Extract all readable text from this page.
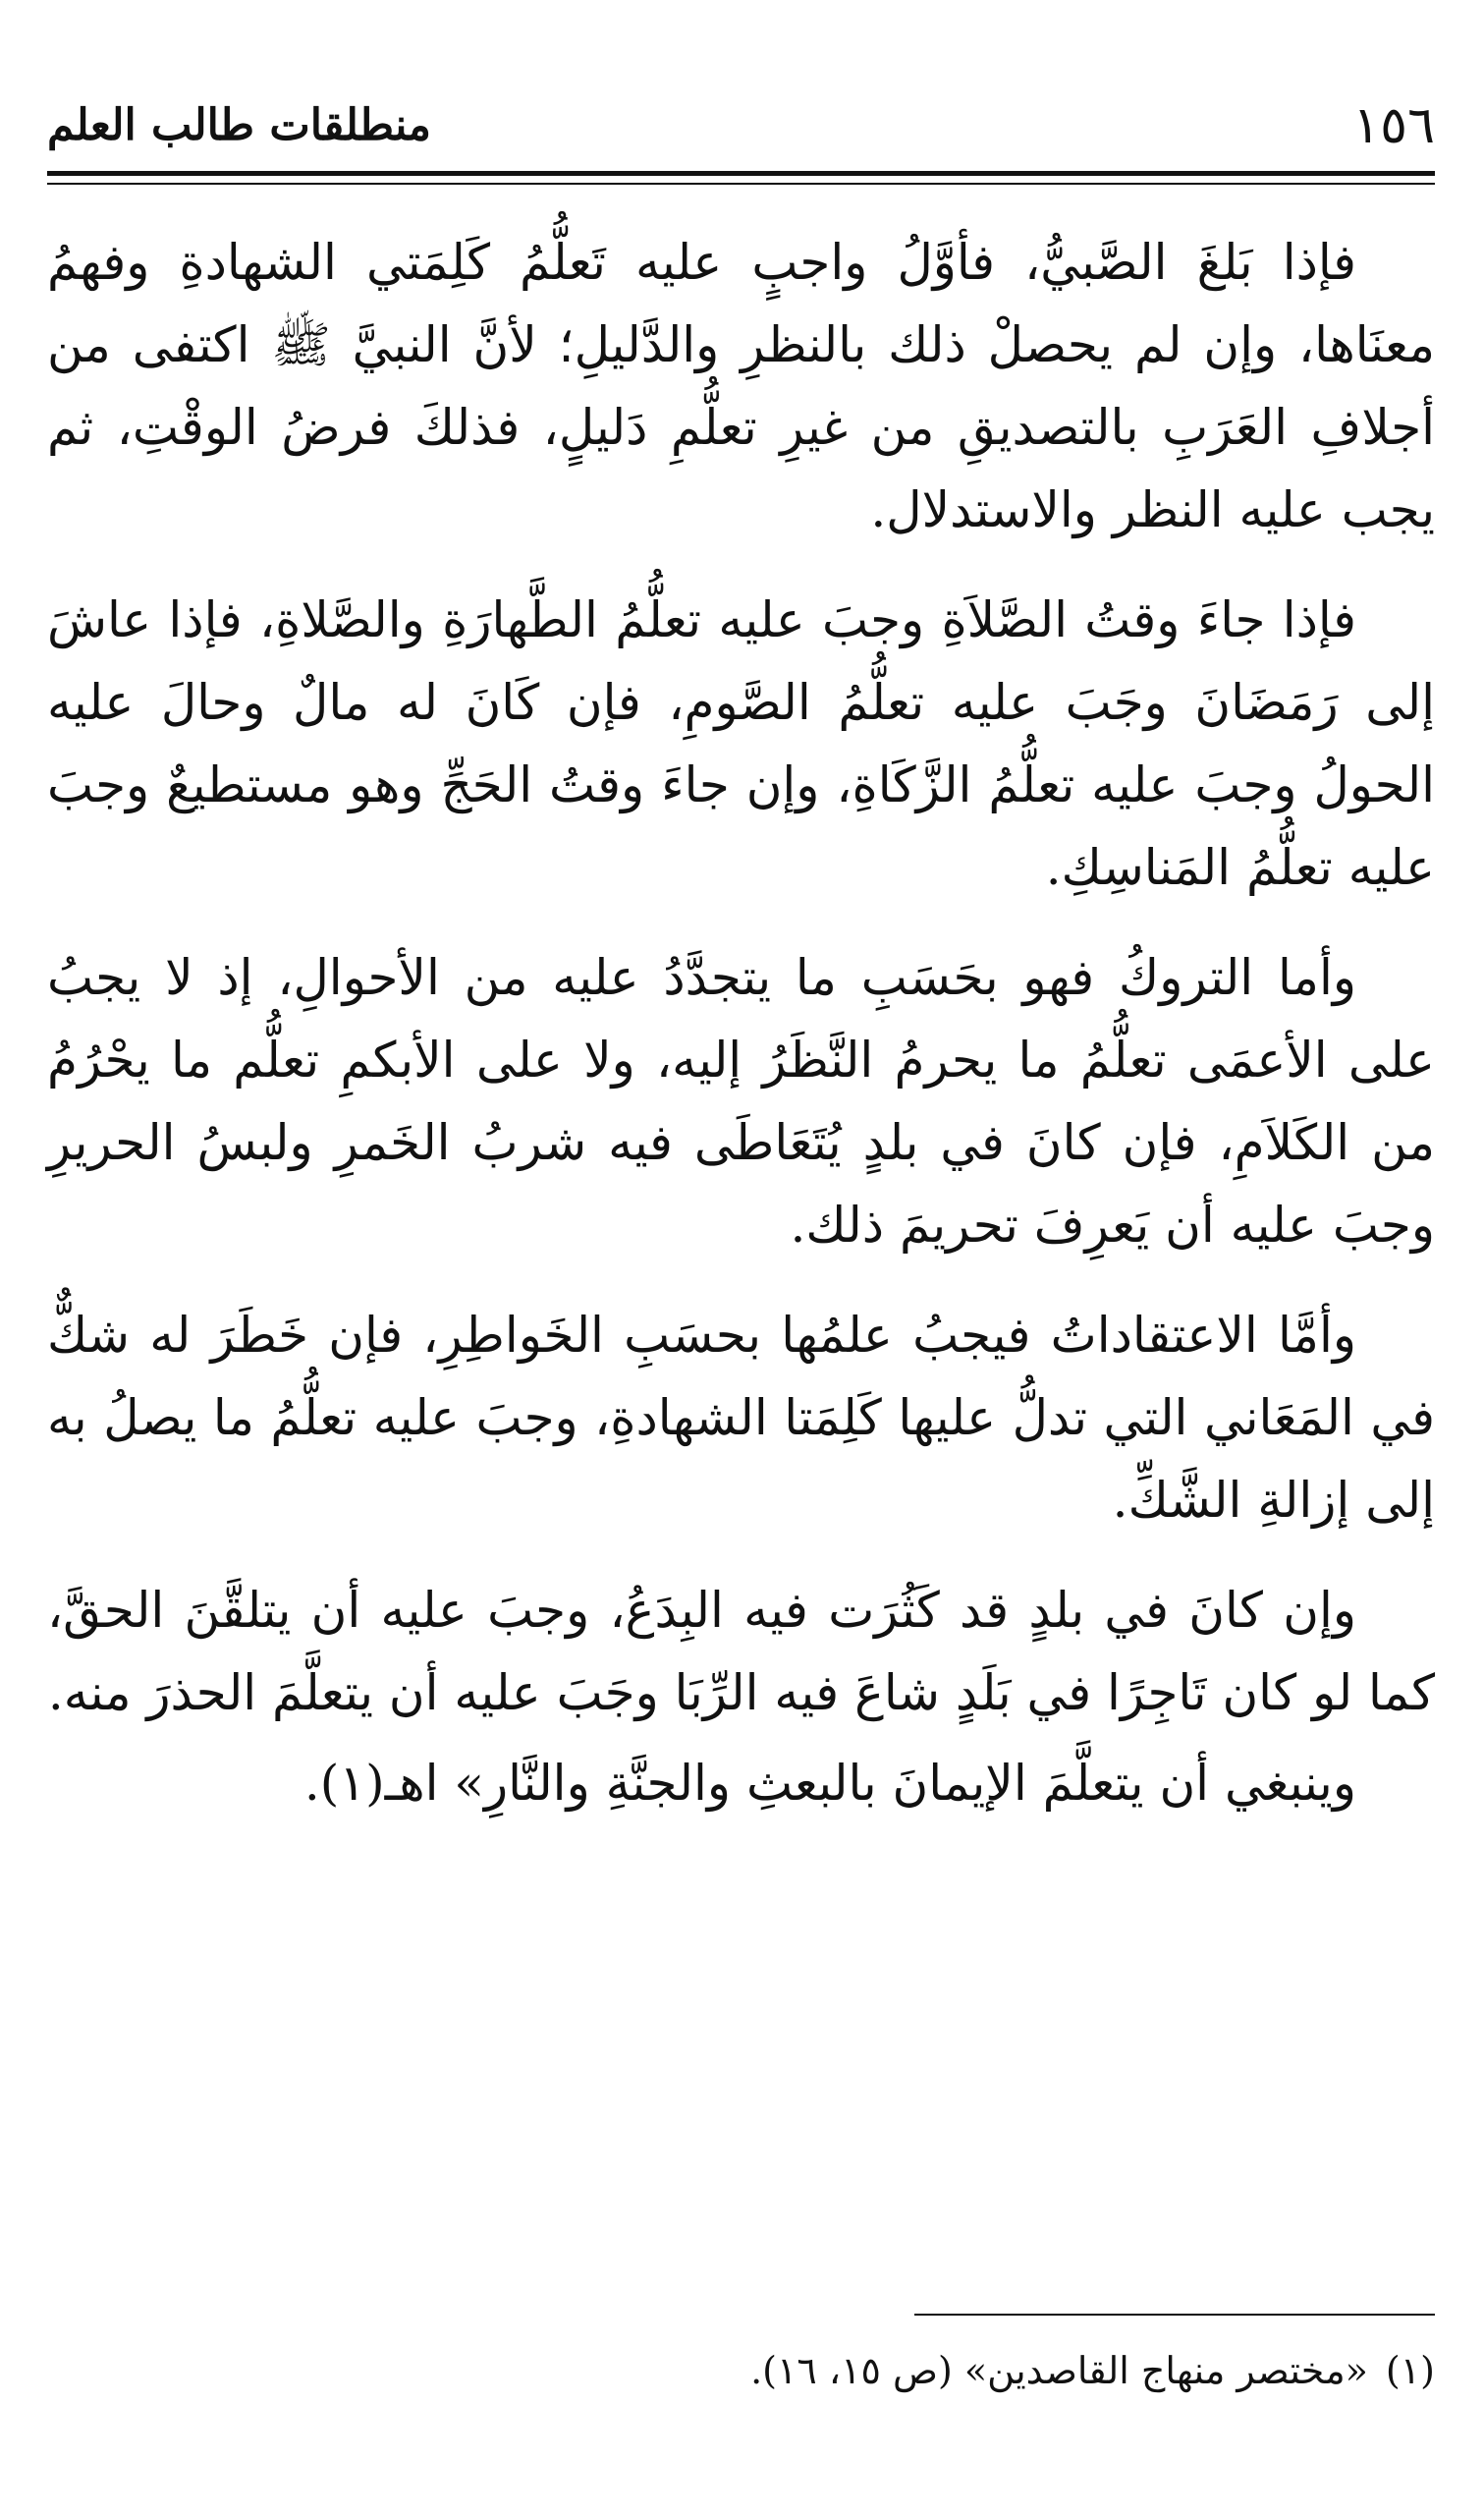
١٥٦
منطلقات طالب العلم

فإذا بَلغَ الصَّبيُّ، فأوَّلُ واجبٍ عليه تَعلُّمُ كَلِمَتي الشهادةِ وفهمُ معنَاها، وإن لم يحصلْ ذلك بالنظرِ والدَّليلِ؛ لأنَّ النبيَّ ﷺ اكتفى من أجلافِ العَرَبِ بالتصديقِ من غيرِ تعلُّمِ دَليلٍ، فذلكَ فرضُ الوقْتِ، ثم يجب عليه النظر والاستدلال.

فإذا جاءَ وقتُ الصَّلاَةِ وجبَ عليه تعلُّمُ الطَّهارَةِ والصَّلاةِ، فإذا عاشَ إلى رَمَضَانَ وجَبَ عليه تعلُّمُ الصَّومِ، فإن كَانَ له مالٌ وحالَ عليه الحولُ وجبَ عليه تعلُّمُ الزَّكَاةِ، وإن جاءَ وقتُ الحَجِّ وهو مستطيعٌ وجبَ عليه تعلُّمُ المَناسِكِ.

وأما التروكُ فهو بحَسَبِ ما يتجدَّدُ عليه من الأحوالِ، إذ لا يجبُ على الأعمَى تعلُّمُ ما يحرمُ النَّظَرُ إليه، ولا على الأبكمِ تعلُّم ما يحْرُمُ من الكَلاَمِ، فإن كانَ في بلدٍ يُتَعَاطَى فيه شربُ الخَمرِ ولبسُ الحريرِ وجبَ عليه أن يَعرِفَ تحريمَ ذلك.

وأمَّا الاعتقاداتُ فيجبُ علمُها بحسَبِ الخَواطِرِ، فإن خَطَرَ له شكٌّ في المَعَاني التي تدلُّ عليها كَلِمَتا الشهادةِ، وجبَ عليه تعلُّمُ ما يصلُ به إلى إزالةِ الشَّكِّ.

وإن كانَ في بلدٍ قد كَثُرَت فيه البِدَعُ، وجبَ عليه أن يتلقَّنَ الحقَّ، كما لو كان تَاجِرًا في بَلَدٍ شاعَ فيه الرِّبَا وجَبَ عليه أن يتعلَّمَ الحذرَ منه.

وينبغي أن يتعلَّمَ الإيمانَ بالبعثِ والجنَّةِ والنَّارِ» اهـ(١).

(١)«مختصر منهاج القاصدين» (ص ١٥، ١٦).
